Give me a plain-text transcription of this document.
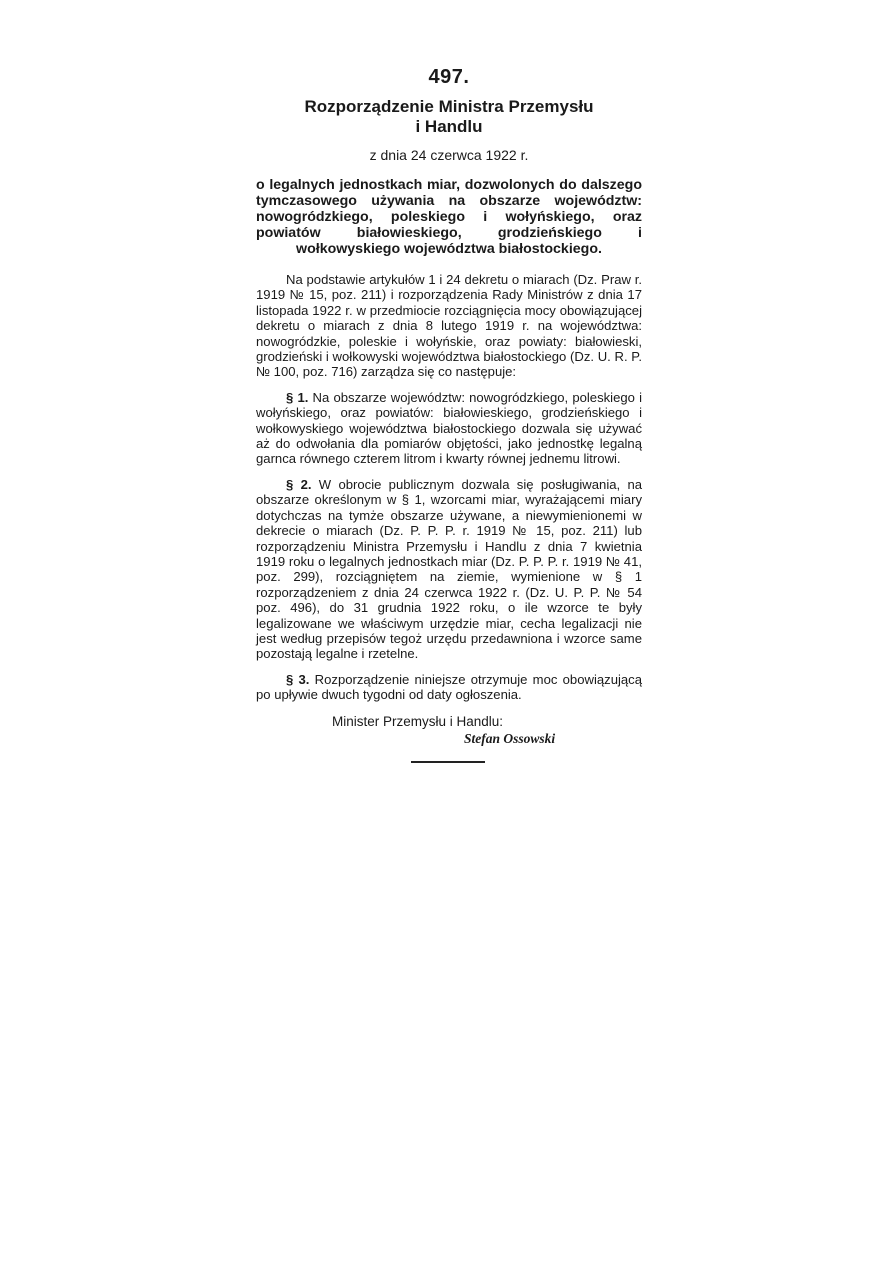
497.
Rozporządzenie Ministra Przemysłu
i Handlu
z dnia 24 czerwca 1922 r.
o legalnych jednostkach miar, dozwolonych do dalszego tymczasowego używania na obszarze województw: nowogródzkiego, poleskiego i wołyńskiego, oraz powiatów białowieskiego, grodzieńskiego i wołkowyskiego województwa białostockiego.

Na podstawie artykułów 1 i 24 dekretu o miarach (Dz. Praw r. 1919 № 15, poz. 211) i rozporządzenia Rady Ministrów z dnia 17 listopada 1922 r. w przedmiocie rozciągnięcia mocy obowiązującej dekretu o miarach z dnia 8 lutego 1919 r. na województwa: nowogródzkie, poleskie i wołyńskie, oraz powiaty: białowieski, grodzieński i wołkowyski województwa białostockiego (Dz. U. R. P. № 100, poz. 716) zarządza się co następuje:

§ 1. Na obszarze województw: nowogródzkiego, poleskiego i wołyńskiego, oraz powiatów: białowieskiego, grodzieńskiego i wołkowyskiego województwa białostockiego dozwala się używać aż do odwołania dla pomiarów objętości, jako jednostkę legalną garnca równego czterem litrom i kwarty równej jednemu litrowi.

§ 2. W obrocie publicznym dozwala się posługiwania, na obszarze określonym w § 1, wzorcami miar, wyrażającemi miary dotychczas na tymże obszarze używane, a niewymienionemi w dekrecie o miarach (Dz. P. P. P. r. 1919 № 15, poz. 211) lub rozporządzeniu Ministra Przemysłu i Handlu z dnia 7 kwietnia 1919 roku o legalnych jednostkach miar (Dz. P. P. P. r. 1919 № 41, poz. 299), rozciągniętem na ziemie, wymienione w § 1 rozporządzeniem z dnia 24 czerwca 1922 r. (Dz. U. P. P. № 54 poz. 496), do 31 grudnia 1922 roku, o ile wzorce te były legalizowane we właściwym urzędzie miar, cecha legalizacji nie jest według przepisów tegoż urzędu przedawniona i wzorce same pozostają legalne i rzetelne.

§ 3. Rozporządzenie niniejsze otrzymuje moc obowiązującą po upływie dwuch tygodni od daty ogłoszenia.

Minister Przemysłu i Handlu:
Stefan Ossowski
